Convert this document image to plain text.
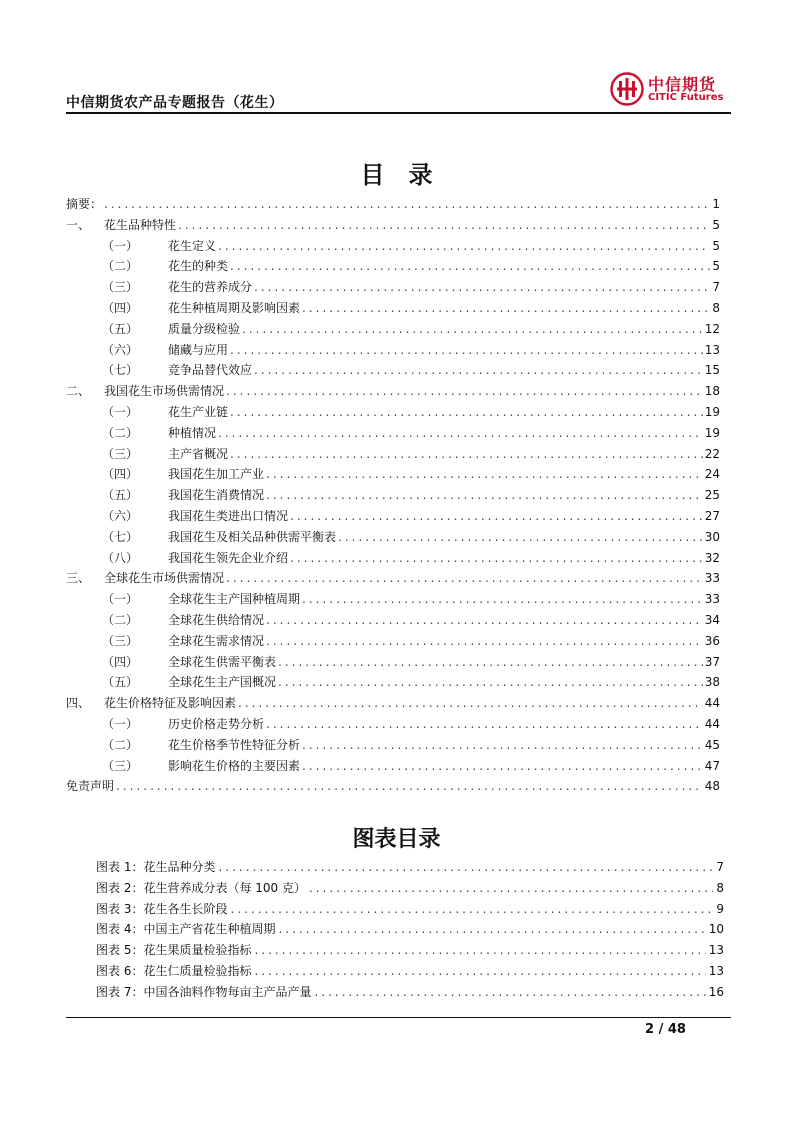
中信期货农产品专题报告（花生）
中信期货
CITIC Futures
目录
摘要： .....	1
一、	花生品种特性 .....	5
（一）	花生定义 .....	5
（二）	花生的种类 .....	5
（三）	花生的营养成分 .....	7
（四）	花生种植周期及影响因素 .....	8
（五）	质量分级检验 .....	12
（六）	储藏与应用 .....	13
（七）	竞争品替代效应 .....	15
二、	我国花生市场供需情况 .....	18
（一）	花生产业链 .....	19
（二）	种植情况 .....	19
（三）	主产省概况 .....	22
（四）	我国花生加工产业 .....	24
（五）	我国花生消费情况 .....	25
（六）	我国花生类进出口情况 .....	27
（七）	我国花生及相关品种供需平衡表 .....	30
（八）	我国花生领先企业介绍 .....	32
三、	全球花生市场供需情况 .....	33
（一）	全球花生主产国种植周期 .....	33
（二）	全球花生供给情况 .....	34
（三）	全球花生需求情况 .....	36
（四）	全球花生供需平衡表 .....	37
（五）	全球花生主产国概况 .....	38
四、	花生价格特征及影响因素 .....	44
（一）	历史价格走势分析 .....	44
（二）	花生价格季节性特征分析 .....	45
（三）	影响花生价格的主要因素 .....	47
免责声明 .....	48
图表目录
图表 1：花生品种分类 .....	7
图表 2：花生营养成分表（每 100 克） .....	8
图表 3：花生各生长阶段 .....	9
图表 4：中国主产省花生种植周期 .....	10
图表 5：花生果质量检验指标 .....	13
图表 6：花生仁质量检验指标 .....	13
图表 7：中国各油料作物每亩主产品产量 .....	16
2 / 48
